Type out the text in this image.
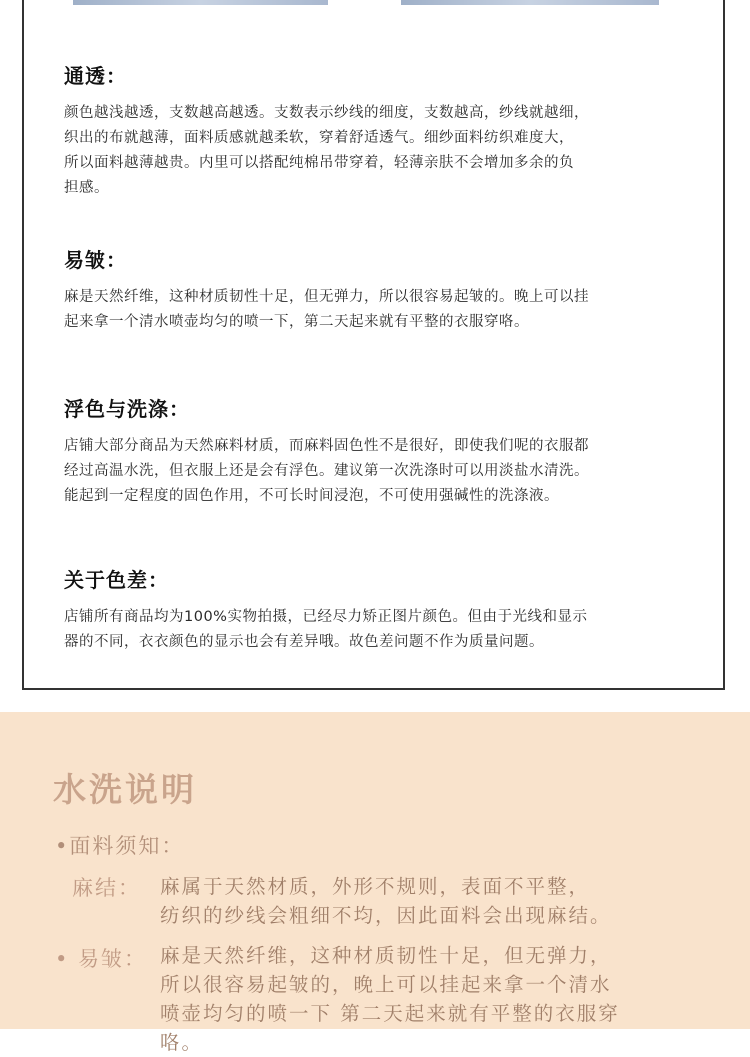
通透：

颜色越浅越透，支数越高越透。支数表示纱线的细度，支数越高，纱线就越细，
织出的布就越薄，面料质感就越柔软，穿着舒适透气。细纱面料纺织难度大，
所以面料越薄越贵。内里可以搭配纯棉吊带穿着，轻薄亲肤不会增加多余的负
担感。

易皱：

麻是天然纤维，这种材质韧性十足，但无弹力，所以很容易起皱的。晚上可以挂
起来拿一个清水喷壶均匀的喷一下，第二天起来就有平整的衣服穿咯。

浮色与洗涤：

店铺大部分商品为天然麻料材质，而麻料固色性不是很好，即使我们呢的衣服都
经过高温水洗，但衣服上还是会有浮色。建议第一次洗涤时可以用淡盐水清洗。
能起到一定程度的固色作用，不可长时间浸泡，不可使用强碱性的洗涤液。

关于色差：

店铺所有商品均为100%实物拍摄，已经尽力矫正图片颜色。但由于光线和显示
器的不同，衣衣颜色的显示也会有差异哦。故色差问题不作为质量问题。

水洗说明
•面料须知：
麻结： 麻属于天然材质，外形不规则，表面不平整，
纺织的纱线会粗细不均，因此面料会出现麻结。
• 易皱： 麻是天然纤维，这种材质韧性十足，但无弹力，
所以很容易起皱的，晚上可以挂起来拿一个清水
喷壶均匀的喷一下 第二天起来就有平整的衣服穿
咯。
